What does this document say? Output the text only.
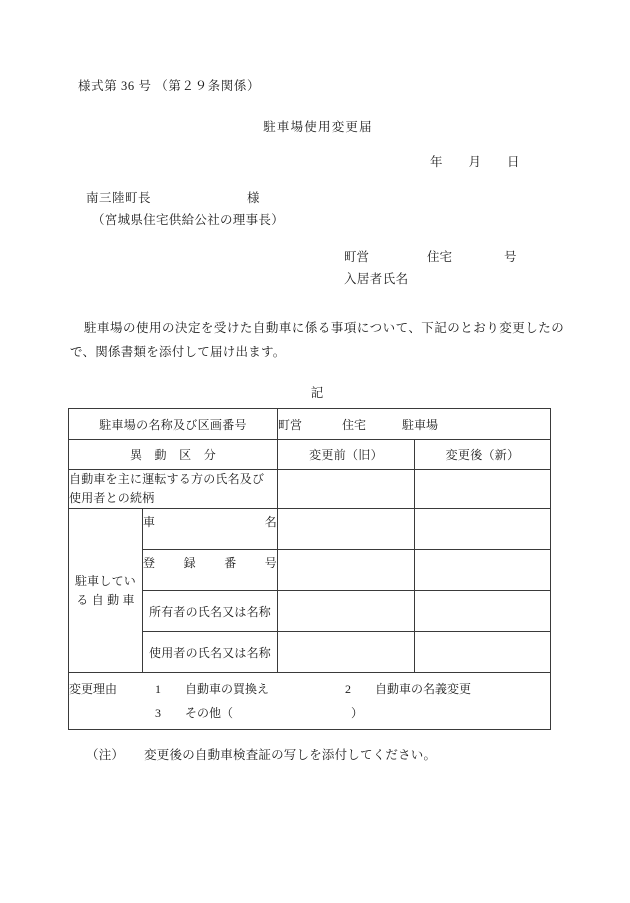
様式第 36 号 （第２９条関係）
駐車場使用変更届
年 月 日
南三陸町長	様
（宮城県住宅供給公社の理事長）
町営	住宅	号
入居者氏名
駐車場の使用の決定を受けた自動車に係る事項について、下記のとおり変更したので、関係書類を添付して届け出ます。
記
駐車場の名称及び区画番号		町営 住宅 駐車場	
異　動　区　分		変更前（旧）	変更後（新）

自動車を主に運転する方の氏名及び
使用者との続柄			

駐車してい
る 自 動 車	車　　　　　名		
	登　録　番　号		
	所有者の氏名又は名称		
	使用者の氏名又は名称		

変更理由 1 自動車の買換え 2 自動車の名義変更
3 その他（ ）			
（注） 変更後の自動車検査証の写しを添付してください。
